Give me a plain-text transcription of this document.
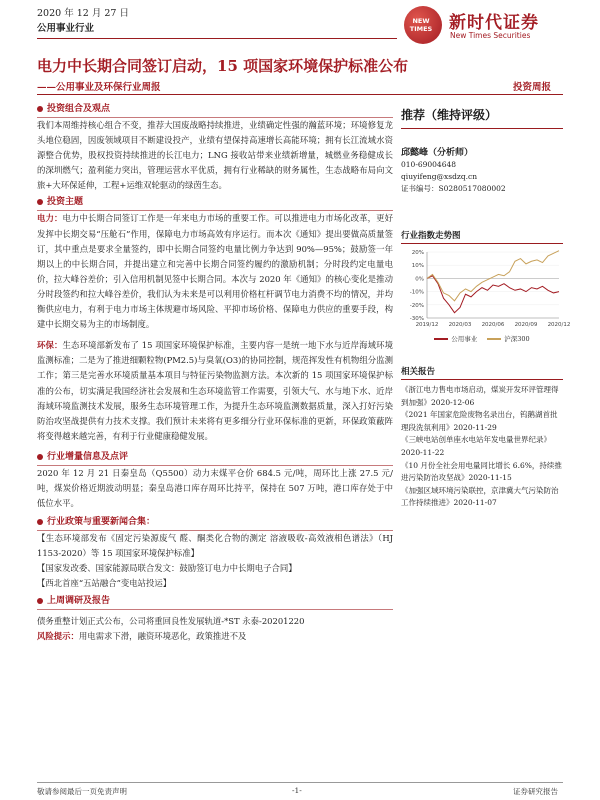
2020 年 12 月 27 日
公用事业行业
NEW
TIMES 新时代证券
New Times Securities
电力中长期合同签订启动，15 项国家环境保护标准公布
——公用事业及环保行业周报	投资周报
投资组合及观点

我们本周维持核心组合不变，推荐大国废战略持续推进，业绩确定性强的瀚蓝环境；环境修复龙头地位稳固，因废领域项目不断建设投产，业绩有望保持高速增长高能环境；拥有长江流域水资源整合优势，股权投资持续推进的长江电力；LNG 接收站带来业绩新增量，城燃业务稳健成长的深圳燃气；盈利能力突出，管理运营水平优质，拥有行业稀缺的财务属性，生态战略布局向文旅+大环保延伸，工程+运维双轮驱动的绿茵生态。

投资主题

电力：电力中长期合同签订工作是一年来电力市场的重要工作。可以推进电力市场化改革，更好发挥中长期交易“压舱石”作用，保障电力市场高效有序运行。而本次《通知》提出要做高质量签订，其中重点是要求全量签约，即中长期合同签约电量比例力争达到 90%—95%；鼓励签一年期以上的中长期合同，并提出建立和完善中长期合同签约履约的激励机制；分时段约定电量电价，拉大峰谷差价；引入信用机制见签中长期合同。本次与 2020 年《通知》的核心变化是推动分时段签约和拉大峰谷差价，我们认为未来是可以利用价格杠杆调节电力消费不均的情况，并均衡供应电力，有利于电力市场主体规避市场风险、平抑市场价格、保障电力供应的重要手段，构建中长期交易为主的市场制度。

环保：生态环境部新发布了 15 项国家环境保护标准，主要内容一是统一地下水与近岸海域环境监测标准；二是为了推进细颗粒物(PM2.5)与臭氧(O3)的协同控制，规范挥发性有机物组分监测工作；第三是完善水环境质量基本项目与特征污染物监测方法。本次新的 15 项国家环境保护标准的公布，切实满足我国经济社会发展和生态环境监管工作需要，引领大气、水与地下水、近岸海域环境监测技术发展，服务生态环境管理工作，为提升生态环境监测数据质量，深入打好污染防治攻坚战提供有力技术支撑。我们预计未来将有更多细分行业环保标准的更新，环保政策蔽阵将变得越来越完善，有利于行业健康稳健发展。

行业增量信息及点评

2020 年 12 月 21 日秦皇岛（Q5500）动力末煤平仓价 684.5 元/吨，周环比上涨 27.5 元/吨，煤炭价格近期波动明显；秦皇岛港口库存周环比持平，保持在 507 万吨，港口库存处于中低位水平。

行业政策与重要新闻合集：

【生态环境部发布《固定污染源废气 醛、酮类化合物的测定 溶液吸收-高效液相色谱法》（HJ 1153-2020）等 15 项国家环境保护标准】

【国家发改委、国家能源局联合发文：鼓励签订电力中长期电子合同】

【西北首座“五站融合”变电站投运】

上周调研及报告

债务重整计划正式公布，公司将重回良性发展轨道-*ST 永泰-20201220

风险提示：用电需求下滑，融资环境恶化，政策推进不及

推荐（维持评级）
邱懿峰（分析师）
010-69004648
qiuyifeng@xsdzq.cn
证书编号：S0280517080002
行业指数走势图
20%
10%
0%
-10%
-20%
-30%
2019/12 2020/03 2020/06 2020/09 2020/12
公用事业	沪深300
相关报告
《浙江电力售电市场启动，煤炭开发环评管理得到加强》2020-12-06
《2021 年国家危险废物名录出台，钨鹅湖首批理段洗氛利用》2020-11-29
《三峡电站创单座水电站年发电量世界纪录》2020-11-22
《10 月份全社会用电量同比增长 6.6%，持续推进污染防治攻坚战》2020-11-15
《加强区域环境污染联控，京津冀大气污染防治工作持续推进》2020-11-07
敬请参阅最后一页免责声明	-1-	证券研究报告
